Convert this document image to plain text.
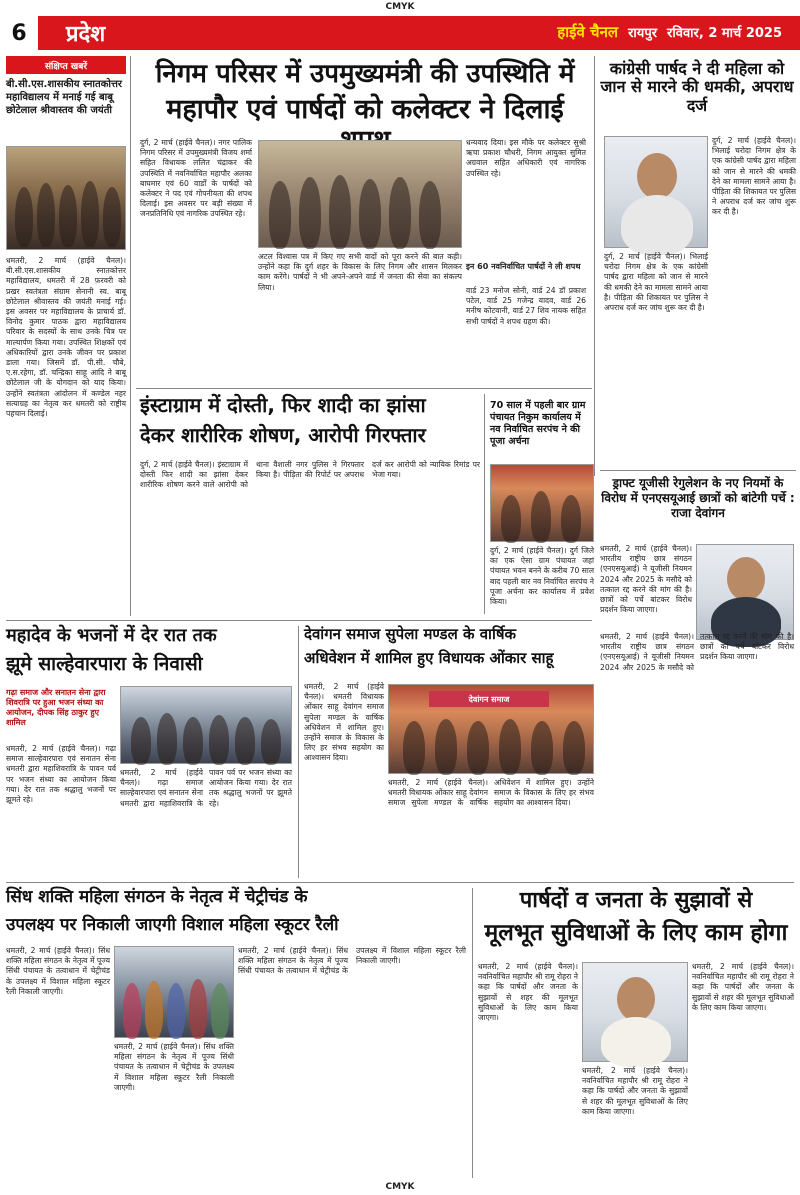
CMYK
6	प्रदेश	हाईवे चैनल रायपुर रविवार, 2 मार्च 2025
संक्षिप्त खबरें
बी.सी.एस.शासकीय स्नातकोत्तर महाविद्यालय में मनाई गई बाबू छोटेलाल श्रीवास्तव की जयंती
धमतरी, 2 मार्च (हाईवे चैनल)। बी.सी.एस.शासकीय स्नातकोत्तर महाविद्यालय, धमतरी में 28 फ़रवरी को प्रखर स्वतंत्रता संग्राम सेनानी स्व. बाबू छोटेलाल श्रीवास्तव की जयंती मनाई गई। इस अवसर पर महाविद्यालय के प्राचार्य डॉ. विनोद कुमार पाठक द्वारा महाविद्यालय परिवार के सदस्यों के साथ उनके चित्र पर माल्यार्पण किया गया। उपस्थित शिक्षकों एवं अधिकारियों द्वारा उनके जीवन पर प्रकाश डाला गया। जिसमें डॉ. पी.सी. चौबे, ए.स.रहेगा, डॉ. चन्द्रिका साहू आदि ने बाबू छोटेलाल जी के योगदान को याद किया। उन्होंने स्वतंत्रता आंदोलन में कण्डेल नहर सत्याग्रह का नेतृत्व कर धमतरी को राष्ट्रीय पहचान दिलाई।
निगम परिसर में उपमुख्यमंत्री की उपस्थिति में
महापौर एवं पार्षदों को कलेक्टर ने दिलाई
दुर्ग, 2 मार्च (हाईवे चैनल)। नगर पालिक निगम परिसर में उपमुख्यमंत्री विजय शर्मा सहित विधायक ललित चंद्राकर की उपस्थिति में नवनिर्वाचित महापौर अलका बाघमार एवं 60 वार्डों के पार्षदों को कलेक्टर ने पद एवं गोपनीयता की शपथ दिलाई। इस अवसर पर बड़ी संख्या में जनप्रतिनिधि एवं नागरिक उपस्थित रहे।
अटल विश्वास पत्र में किए गए सभी वादों को पूरा करने की बात कही। उन्होंने कहा कि दुर्ग शहर के विकास के लिए निगम और शासन मिलकर काम करेंगे। पार्षदों ने भी अपने-अपने वार्ड में जनता की सेवा का संकल्प लिया।
धन्यवाद दिया। इस मौके पर कलेक्टर सुश्री ऋचा प्रकाश चौधरी, निगम आयुक्त सुमित अग्रवाल सहित अधिकारी एवं नागरिक उपस्थित रहे।
इन 60 नवनिर्वाचित पार्षदों ने ली शपथ
वार्ड 23 मनोज सोनी, वार्ड 24 डॉ प्रकाश पटेल, वार्ड 25 गजेन्द्र यादव, वार्ड 26 मनीष कोटवानी, वार्ड 27 शिव नायक सहित सभी पार्षदों ने शपथ ग्रहण की।
कांग्रेसी पार्षद ने दी महिला को जान से मारने की धमकी, अपराध दर्ज
दुर्ग, 2 मार्च (हाईवे चैनल)। भिलाई चरोदा निगम क्षेत्र के एक कांग्रेसी पार्षद द्वारा महिला को जान से मारने की धमकी देने का मामला सामने आया है। पीड़िता की शिकायत पर पुलिस ने अपराध दर्ज कर जांच शुरू कर दी है।
दुर्ग, 2 मार्च (हाईवे चैनल)। भिलाई चरोदा निगम क्षेत्र के एक कांग्रेसी पार्षद द्वारा महिला को जान से मारने की धमकी देने का मामला सामने आया है। पीड़िता की शिकायत पर पुलिस ने अपराध दर्ज कर जांच शुरू कर दी है।
इंस्टाग्राम में दोस्ती, फिर शादी का झांसा
देकर शारीरिक शोषण, आरोपी गिरफ्तार
दुर्ग, 2 मार्च (हाईवे चैनल)। इंस्टाग्राम में दोस्ती फिर शादी का झांसा देकर शारीरिक शोषण करने वाले आरोपी को थाना वैशाली नगर पुलिस ने गिरफ्तार किया है। पीड़िता की रिपोर्ट पर अपराध दर्ज कर आरोपी को न्यायिक रिमांड पर भेजा गया।
70 साल में पहली बार ग्राम पंचायत निकुम कार्यालय में नव निर्वाचित सरपंच ने की पूजा अर्चना
दुर्ग, 2 मार्च (हाईवे चैनल)। दुर्ग जिले का एक ऐसा ग्राम पंचायत जहां पंचायत भवन बनने के करीब 70 साल बाद पहली बार नव निर्वाचित सरपंच ने पूजा अर्चना कर कार्यालय में प्रवेश किया।
ड्राफ्ट यूजीसी रेगुलेशन के नए नियमों के विरोध में एनएसयूआई छात्रों को बांटेगी पर्चे : राजा देवांगन
धमतरी, 2 मार्च (हाईवे चैनल)। भारतीय राष्ट्रीय छात्र संगठन (एनएसयूआई) ने यूजीसी नियमन 2024 और 2025 के मसौदे को तत्काल रद्द करने की मांग की है। छात्रों को पर्चे बांटकर विरोध प्रदर्शन किया जाएगा।
धमतरी, 2 मार्च (हाईवे चैनल)। भारतीय राष्ट्रीय छात्र संगठन (एनएसयूआई) ने यूजीसी नियमन 2024 और 2025 के मसौदे को तत्काल रद्द करने की मांग की है। छात्रों को पर्चे बांटकर विरोध प्रदर्शन किया जाएगा।
महादेव के भजनों में देर रात तक
झूमे साल्हेवारपारा के निवासी
गढ़ा समाज और सनातन सेना द्वारा शिवरात्रि पर हुआ भजन संध्या का आयोजन, दीपक सिंह ठाकुर हुए शामिल
धमतरी, 2 मार्च (हाईवे चैनल)। गढ़ा समाज साल्हेवारपारा एवं सनातन सेना धमतरी द्वारा महाशिवरात्रि के पावन पर्व पर भजन संध्या का आयोजन किया गया। देर रात तक श्रद्धालु भजनों पर झूमते रहे।
धमतरी, 2 मार्च (हाईवे चैनल)। गढ़ा समाज साल्हेवारपारा एवं सनातन सेना धमतरी द्वारा महाशिवरात्रि के पावन पर्व पर भजन संध्या का आयोजन किया गया। देर रात तक श्रद्धालु भजनों पर झूमते रहे।
देवांगन समाज सुपेला मण्डल के वार्षिक
अधिवेशन में शामिल हुए विधायक ओंकार साहू
धमतरी, 2 मार्च (हाईवे चैनल)। धमतरी विधायक ओंकार साहू देवांगन समाज सुपेला मण्डल के वार्षिक अधिवेशन में शामिल हुए। उन्होंने समाज के विकास के लिए हर संभव सहयोग का आश्वासन दिया।
देवांगन समाज
धमतरी, 2 मार्च (हाईवे चैनल)। धमतरी विधायक ओंकार साहू देवांगन समाज सुपेला मण्डल के वार्षिक अधिवेशन में शामिल हुए। उन्होंने समाज के विकास के लिए हर संभव सहयोग का आश्वासन दिया।
सिंध शक्ति महिला संगठन के नेतृत्व में चेट्रीचंड के
उपलक्ष्य पर निकाली जाएगी विशाल महिला स्कूटर रैली
धमतरी, 2 मार्च (हाईवे चैनल)। सिंध शक्ति महिला संगठन के नेतृत्व में पूज्य सिंधी पंचायत के तत्वाधान में चेट्रीचंड के उपलक्ष्य में विशाल महिला स्कूटर रैली निकाली जाएगी।
धमतरी, 2 मार्च (हाईवे चैनल)। सिंध शक्ति महिला संगठन के नेतृत्व में पूज्य सिंधी पंचायत के तत्वाधान में चेट्रीचंड के उपलक्ष्य में विशाल महिला स्कूटर रैली निकाली जाएगी।
धमतरी, 2 मार्च (हाईवे चैनल)। सिंध शक्ति महिला संगठन के नेतृत्व में पूज्य सिंधी पंचायत के तत्वाधान में चेट्रीचंड के उपलक्ष्य में विशाल महिला स्कूटर रैली निकाली जाएगी।
पार्षदों व जनता के सुझावों से
मूलभूत सुविधाओं के लिए काम होगा
धमतरी, 2 मार्च (हाईवे चैनल)। नवनिर्वाचित महापौर श्री रामू रोहरा ने कहा कि पार्षदों और जनता के सुझावों से शहर की मूलभूत सुविधाओं के लिए काम किया जाएगा।
धमतरी, 2 मार्च (हाईवे चैनल)। नवनिर्वाचित महापौर श्री रामू रोहरा ने कहा कि पार्षदों और जनता के सुझावों से शहर की मूलभूत सुविधाओं के लिए काम किया जाएगा।
धमतरी, 2 मार्च (हाईवे चैनल)। नवनिर्वाचित महापौर श्री रामू रोहरा ने कहा कि पार्षदों और जनता के सुझावों से शहर की मूलभूत सुविधाओं के लिए काम किया जाएगा।
CMYK
